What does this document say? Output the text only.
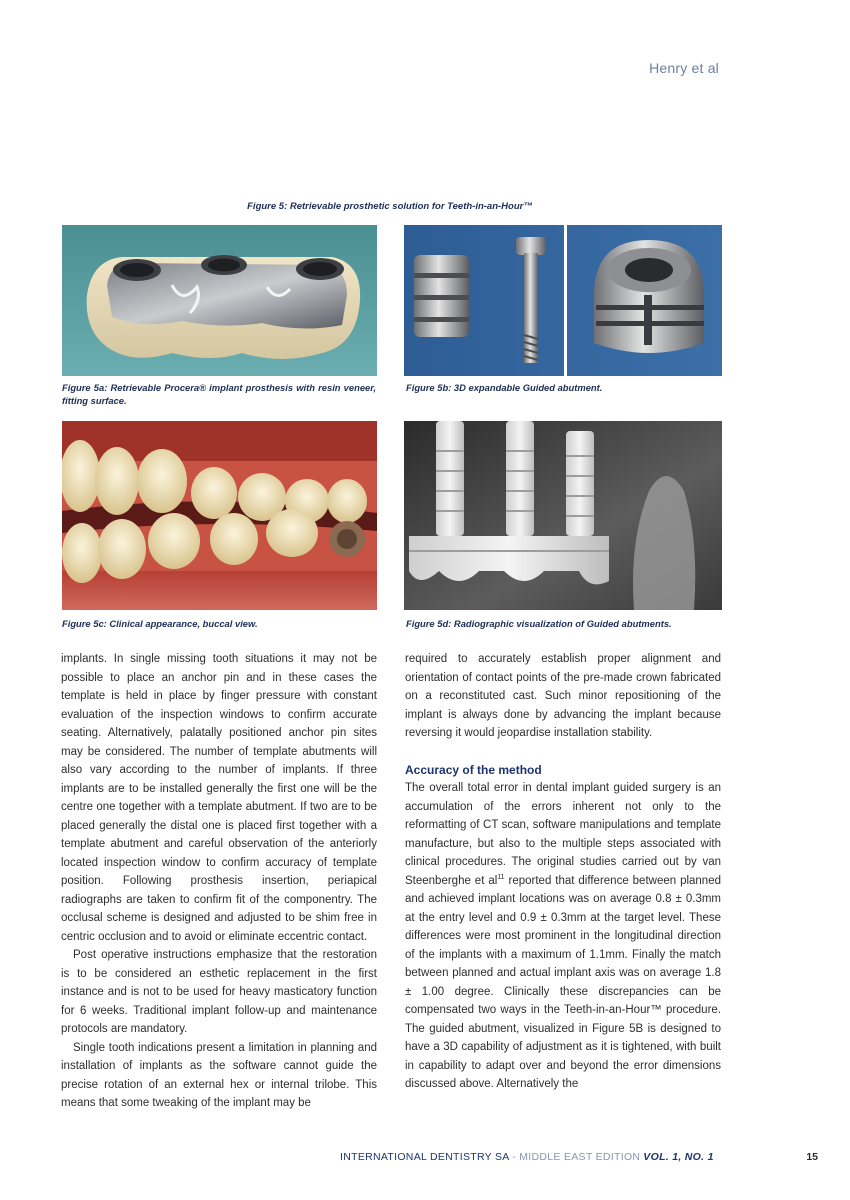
Henry et al
Figure 5: Retrievable prosthetic solution for Teeth-in-an-Hour™
Figure 5a: Retrievable Procera® implant prosthesis with resin veneer, fitting surface.
Figure 5b: 3D expandable Guided abutment.
Figure 5c: Clinical appearance, buccal view.	Figure 5d: Radiographic visualization of Guided abutments.

implants. In single missing tooth situations it may not be possible to place an anchor pin and in these cases the template is held in place by finger pressure with constant evaluation of the inspection windows to confirm accurate seating. Alternatively, palatally positioned anchor pin sites may be considered. The number of template abutments will also vary according to the number of implants. If three implants are to be installed generally the first one will be the centre one together with a template abutment. If two are to be placed generally the distal one is placed first together with a template abutment and careful observation of the anteriorly located inspection window to confirm accuracy of template position. Following prosthesis insertion, periapical radiographs are taken to confirm fit of the componentry. The occlusal scheme is designed and adjusted to be shim free in centric occlusion and to avoid or eliminate eccentric contact.

Post operative instructions emphasize that the restoration is to be considered an esthetic replacement in the first instance and is not to be used for heavy masticatory function for 6 weeks. Traditional implant follow-up and maintenance protocols are mandatory.

Single tooth indications present a limitation in planning and installation of implants as the software cannot guide the precise rotation of an external hex or internal trilobe. This means that some tweaking of the implant may be

required to accurately establish proper alignment and orientation of contact points of the pre-made crown fabricated on a reconstituted cast. Such minor repositioning of the implant is always done by advancing the implant because reversing it would jeopardise installation stability.

Accuracy of the method

The overall total error in dental implant guided surgery is an accumulation of the errors inherent not only to the reformatting of CT scan, software manipulations and template manufacture, but also to the multiple steps associated with clinical procedures. The original studies carried out by van Steenberghe et $al^{11}$ reported that difference between planned and achieved implant locations was on average 0.8 ± 0.3mm at the entry level and 0.9 ± 0.3mm at the target level. These differences were most prominent in the longitudinal direction of the implants with a maximum of 1.1mm. Finally the match between planned and actual implant axis was on average 1.8 ± 1.00 degree. Clinically these discrepancies can be compensated two ways in the Teeth-in-an-Hour™ procedure. The guided abutment, visualized in Figure 5B is designed to have a 3D capability of adjustment as it is tightened, with built in capability to adapt over and beyond the error dimensions discussed above. Alternatively the

INTERNATIONAL DENTISTRY SA - MIDDLE EAST EDITION VOL. 1, NO. 1	15
